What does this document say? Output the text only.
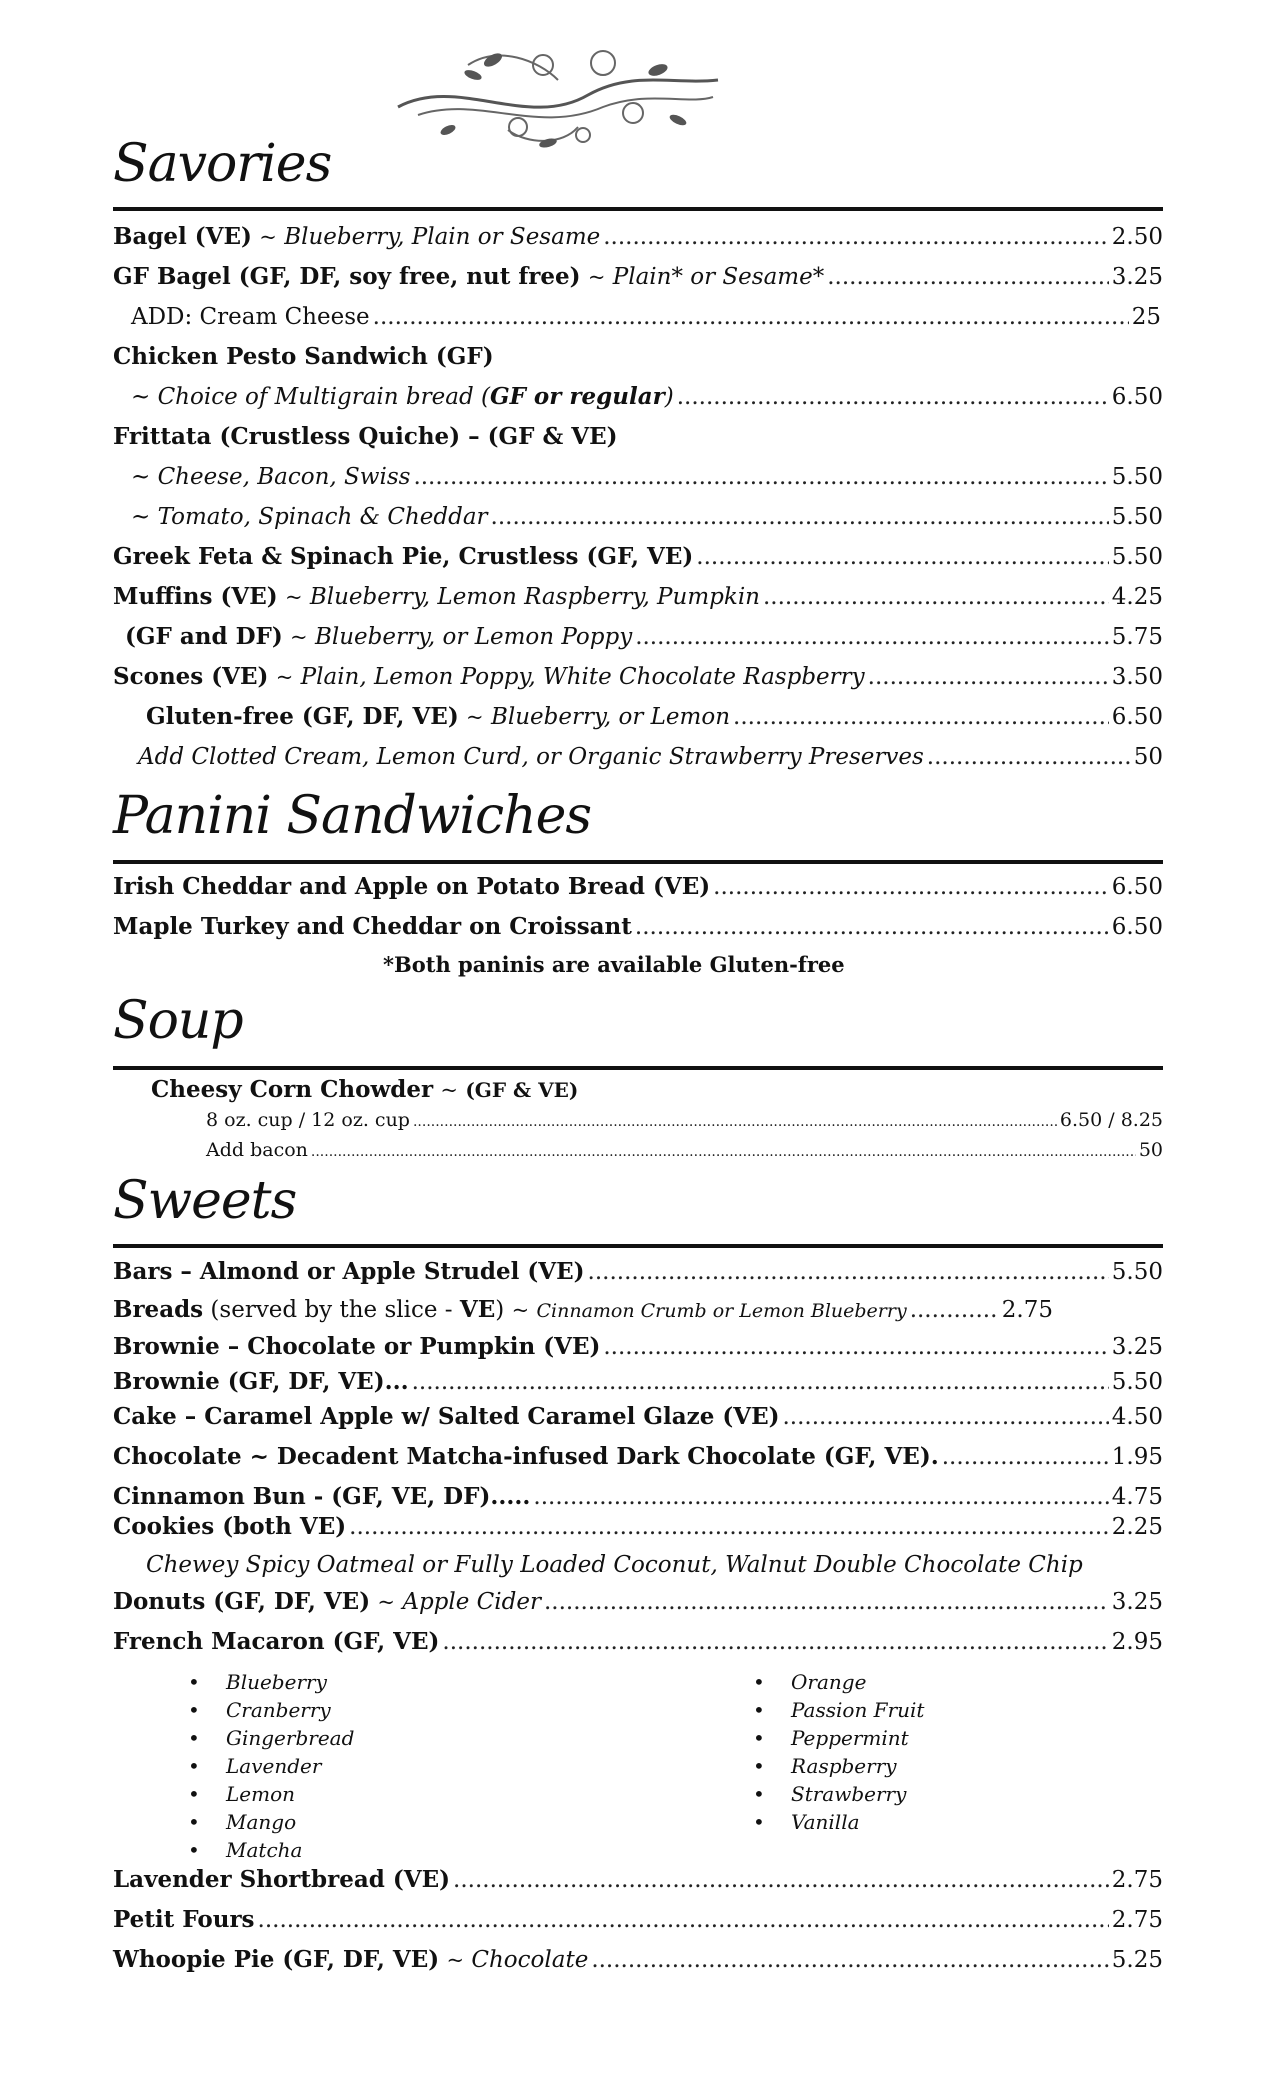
Savories
Bagel (VE) ~ Blueberry, Plain or Sesame .....	2.50
GF Bagel (GF, DF, soy free, nut free) ~ Plain* or Sesame* .....	3.25
ADD: Cream Cheese .....	25
Chicken Pesto Sandwich (GF)
~ Choice of Multigrain bread (GF or regular) .....	6.50
Frittata (Crustless Quiche) – (GF & VE)
~ Cheese, Bacon, Swiss .....	5.50
~ Tomato, Spinach & Cheddar .....	5.50
Greek Feta & Spinach Pie, Crustless (GF, VE) .....	5.50
Muffins (VE) ~ Blueberry, Lemon Raspberry, Pumpkin .....	4.25
(GF and DF) ~ Blueberry, or Lemon Poppy .....	5.75
Scones (VE) ~ Plain, Lemon Poppy, White Chocolate Raspberry .....	3.50
Gluten-free (GF, DF, VE) ~ Blueberry, or Lemon .....	6.50
Add Clotted Cream, Lemon Curd, or Organic Strawberry Preserves .....	50
Panini Sandwiches
Irish Cheddar and Apple on Potato Bread (VE) .....	6.50
Maple Turkey and Cheddar on Croissant .....	6.50
*Both paninis are available Gluten-free
Soup
Cheesy Corn Chowder ~ (GF & VE)
8 oz. cup / 12 oz. cup .....	6.50 / 8.25
Add bacon .....	50
Sweets
Bars – Almond or Apple Strudel (VE) .....	5.50
Breads (served by the slice - VE) ~ Cinnamon Crumb or Lemon Blueberry .....	2.75
Brownie – Chocolate or Pumpkin (VE) .....	3.25
Brownie (GF, DF, VE)... .....	5.50
Cake – Caramel Apple w/ Salted Caramel Glaze (VE) .....	4.50
Chocolate ~ Decadent Matcha-infused Dark Chocolate (GF, VE). .....	1.95
Cinnamon Bun - (GF, VE, DF)..... .....	4.75
Cookies (both VE) .....	2.25
Chewey Spicy Oatmeal or Fully Loaded Coconut, Walnut Double Chocolate Chip
Donuts (GF, DF, VE) ~ Apple Cider .....	3.25
French Macaron (GF, VE) .....	2.95
• Blueberry
• Cranberry
• Gingerbread
• Lavender
• Lemon
• Mango
• Matcha
• Orange
• Passion Fruit
• Peppermint
• Raspberry
• Strawberry
• Vanilla
Lavender Shortbread (VE) .....	2.75
Petit Fours .....	2.75
Whoopie Pie (GF, DF, VE) ~ Chocolate .....	5.25
